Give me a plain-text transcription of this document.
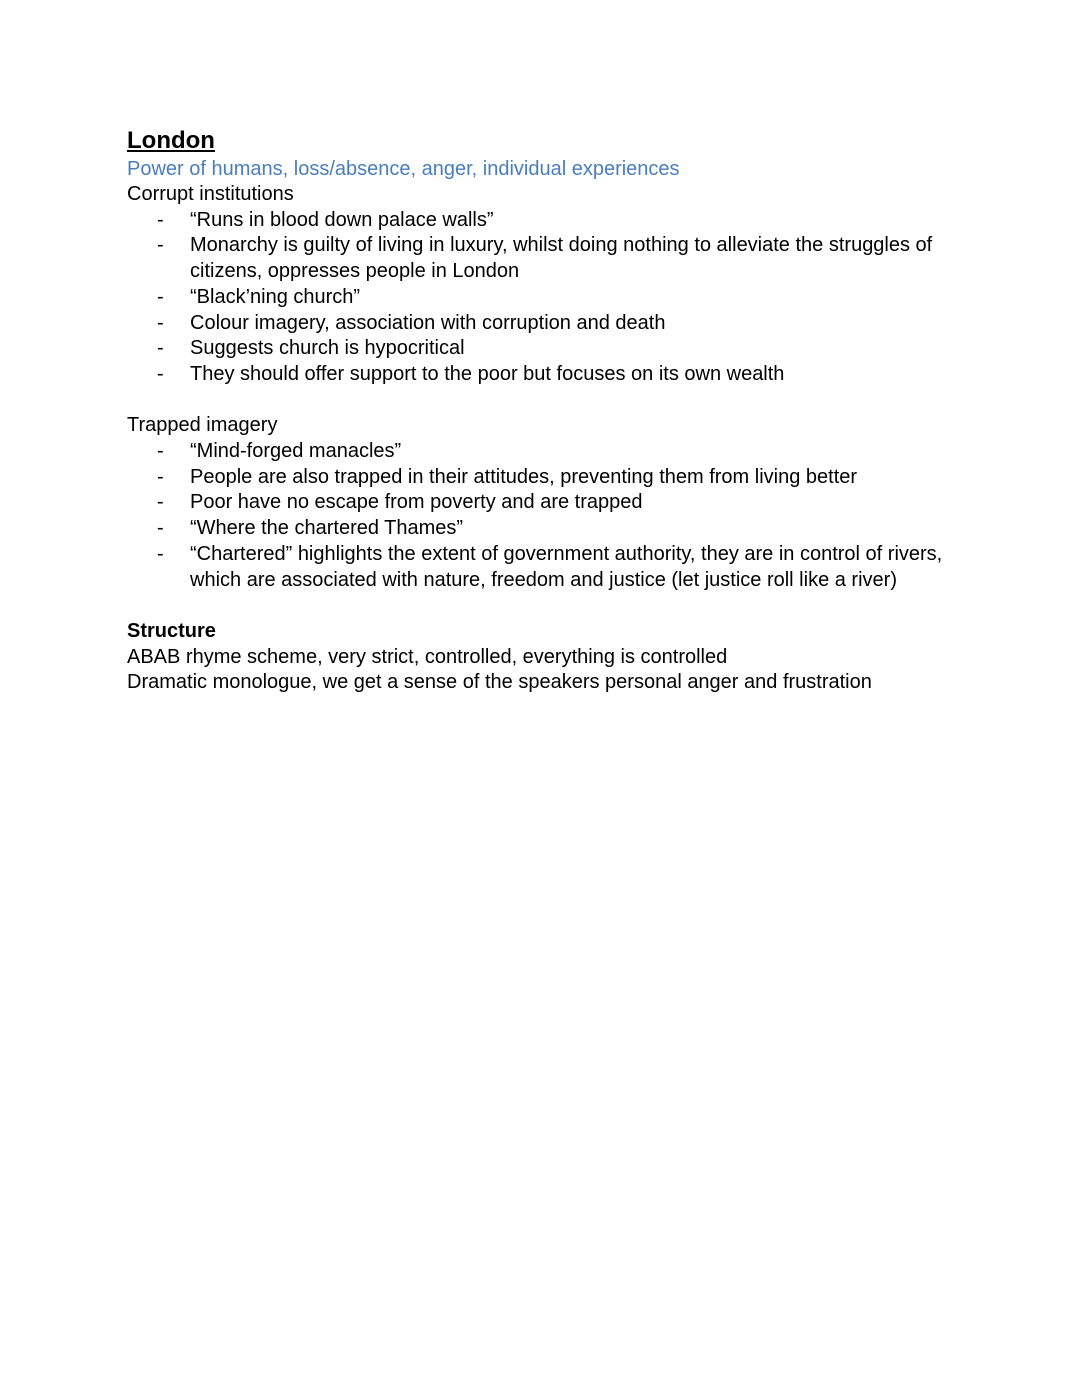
London
Power of humans, loss/absence, anger, individual experiences
Corrupt institutions
- “Runs in blood down palace walls”
- Monarchy is guilty of living in luxury, whilst doing nothing to alleviate the struggles of citizens, oppresses people in London
- “Black’ning church”
- Colour imagery, association with corruption and death
- Suggests church is hypocritical
- They should offer support to the poor but focuses on its own wealth
Trapped imagery
- “Mind-forged manacles”
- People are also trapped in their attitudes, preventing them from living better
- Poor have no escape from poverty and are trapped
- “Where the chartered Thames”
- “Chartered” highlights the extent of government authority, they are in control of rivers, which are associated with nature, freedom and justice (let justice roll like a river)
Structure
ABAB rhyme scheme, very strict, controlled, everything is controlled
Dramatic monologue, we get a sense of the speakers personal anger and frustration
